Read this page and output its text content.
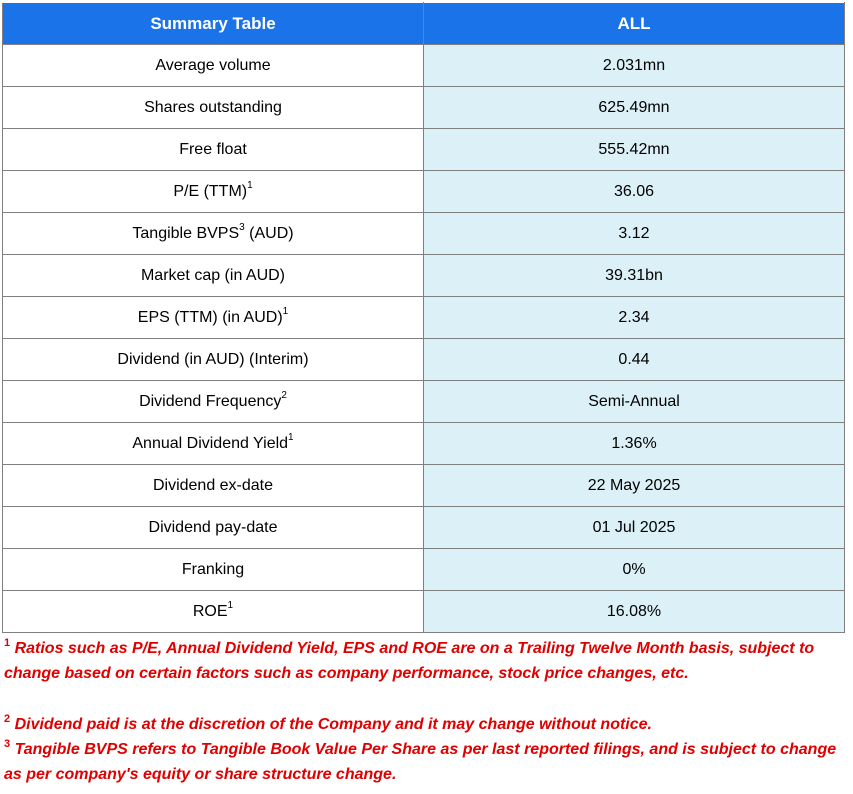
Summary Table	ALL
Average volume	2.031mn
Shares outstanding	625.49mn
Free float	555.42mn
P/E (TTM)$^1$	36.06
Tangible BVPS$^3$ (AUD)	3.12
Market cap (in AUD)	39.31bn
EPS (TTM) (in AUD)$^1$	2.34
Dividend (in AUD) (Interim)	0.44
Dividend Frequency$^2$	Semi-Annual
Annual Dividend Yield$^1$	1.36%
Dividend ex-date	22 May 2025
Dividend pay-date	01 Jul 2025
Franking	0%
ROE$^1$	16.08%

$^1$ Ratios such as P/E, Annual Dividend Yield, EPS and ROE are on a Trailing Twelve Month basis, subject to change based on certain factors such as company performance, stock price changes, etc.

$^2$ Dividend paid is at the discretion of the Company and it may change without notice.

$^3$ Tangible BVPS refers to Tangible Book Value Per Share as per last reported filings, and is subject to change as per company's equity or share structure change.
